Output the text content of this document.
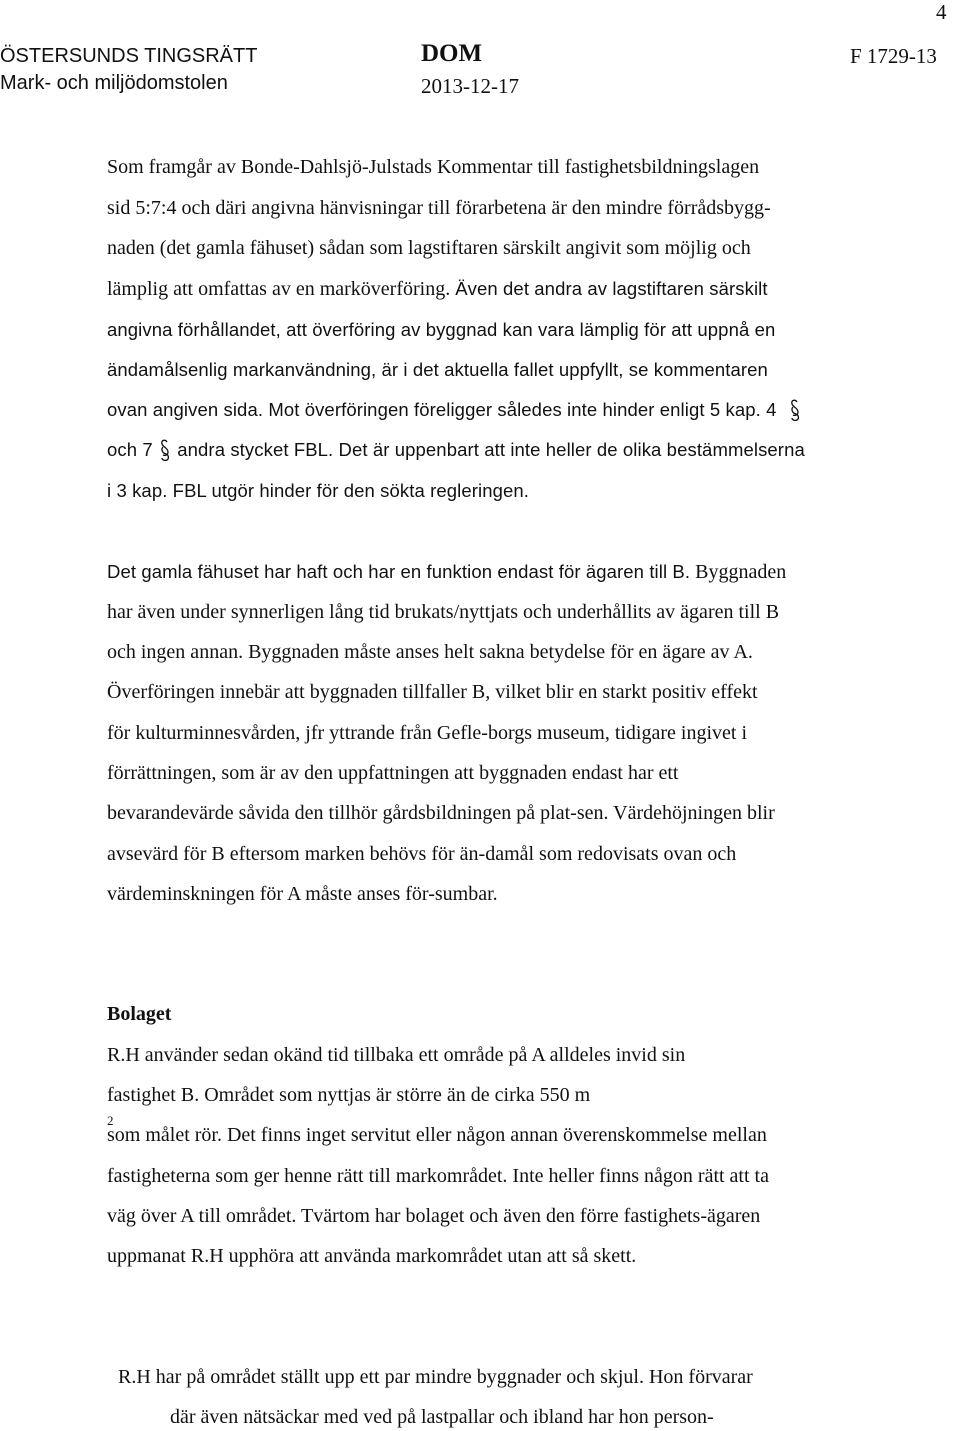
4
ÖSTERSUNDS TINGSRÄTT
Mark- och miljödomstolen
DOM
2013-12-17
F 1729-13
Som framgår av Bonde-Dahlsjö-Julstads Kommentar till fastighetsbildningslagen
sid 5:7:4 och däri angivna hänvisningar till förarbetena är den mindre förrådsbygg-
naden (det gamla fähuset) sådan som lagstiftaren särskilt angivit som möjlig och
lämplig att omfattas av en marköverföring. Även det andra av lagstiftaren särskilt
angivna förhållandet, att överföring av byggnad kan vara lämplig för att uppnå en
ändamålsenlig markanvändning, är i det aktuella fallet uppfyllt, se kommentaren
ovan angiven sida. Mot överföringen föreligger således inte hinder enligt 5 kap. 4
och 7 andra stycket FBL. Det är uppenbart att inte heller de olika bestämmelserna
i 3 kap. FBL utgör hinder för den sökta regleringen.
Det gamla fähuset har haft och har en funktion endast för ägaren till B. Byggnaden
har även under synnerligen lång tid brukats/nyttjats och underhållits av ägaren till B
och ingen annan. Byggnaden måste anses helt sakna betydelse för en ägare av A.
Överföringen innebär att byggnaden tillfaller B, vilket blir en starkt positiv effekt
för kulturminnesvården, jfr yttrande från Gefle-borgs museum, tidigare ingivet i
förrättningen, som är av den uppfattningen att byggnaden endast har ett
bevarandevärde såvida den tillhör gårdsbildningen på plat-sen. Värdehöjningen blir
avsevärd för B eftersom marken behövs för än-damål som redovisats ovan och
värdeminskningen för A måste anses för-sumbar.
Bolaget
R.H använder sedan okänd tid tillbaka ett område på A alldeles invid sin
fastighet B. Området som nyttjas är större än de cirka 550 m
2
som målet rör. Det finns inget servitut eller någon annan överenskommelse mellan
fastigheterna som ger henne rätt till markområdet. Inte heller finns någon rätt att ta
väg över A till området. Tvärtom har bolaget och även den förre fastighets-ägaren
uppmanat R.H upphöra att använda markområdet utan att så skett.
R.H har på området ställt upp ett par mindre byggnader och skjul. Hon förvarar
där även nätsäckar med ved på lastpallar och ibland har hon person-
